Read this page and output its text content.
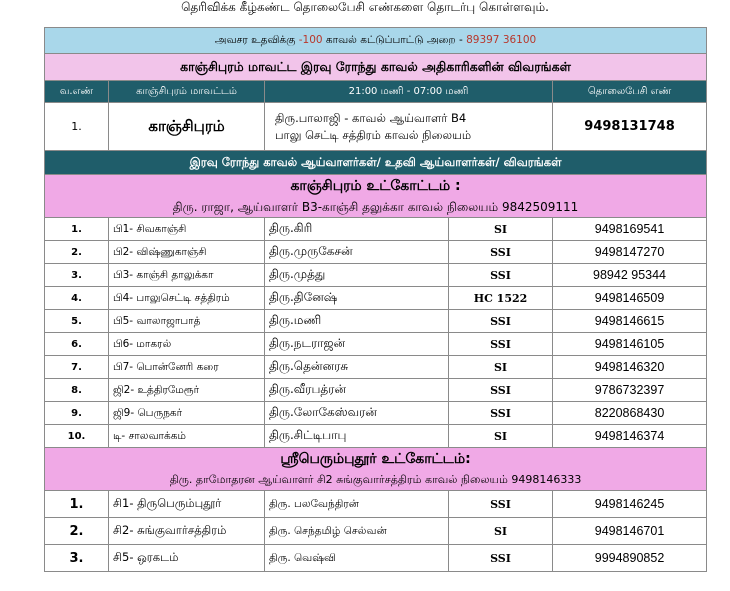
தெரிவிக்க கீழ்கண்ட தொலைபேசி எண்களை தொடர்பு கொள்ளவும்.
அவசர உதவிக்கு -100 காவல் கட்டுப்பாட்டு அறை - 89397 36100				
காஞ்சிபுரம் மாவட்ட இரவு ரோந்து காவல் அதிகாரிகளின் விவரங்கள்				
வ.எண்	காஞ்சிபுரம் மாவட்டம்	21:00 மணி - 07:00 மணி		தொலைபேசி எண்
1.	காஞ்சிபுரம்	திரு.பாலாஜி - காவல் ஆய்வாளர் B4
பாலு செட்டி சத்திரம் காவல் நிலையம்		9498131748
இரவு ரோந்து காவல் ஆய்வாளர்கள்/ உதவி ஆய்வாளர்கள்/ விவரங்கள்				

காஞ்சிபுரம் உட்கோட்டம் :
திரு. ராஜா, ஆய்வாளர் B3-காஞ்சி தலுக்கா காவல் நிலையம் 9842509111				

1.	பி1- சிவகாஞ்சி	திரு.கிரி	SI	9498169541
2.	பி2- விஷ்ணுகாஞ்சி	திரு.முருகேசன்	SSI	9498147270
3.	பி3- காஞ்சி தாலுக்கா	திரு.முத்து	SSI	98942 95344
4.	பி4- பாலுசெட்டி சத்திரம்	திரு.தினேஷ்	HC 1522	9498146509
5.	பி5- வாலாஜாபாத்	திரு.மணி	SSI	9498146615
6.	பி6- மாகரல்	திரு.நடராஜன்	SSI	9498146105
7.	பி7- பொன்னேரி கரை	திரு.தென்னரசு	SI	9498146320
8.	ஜி2- உத்திரமேரூர்	திரு.வீரபத்ரன்	SSI	9786732397
9.	ஜி9- பெருநகர்	திரு.லோகேஸ்வரன்	SSI	8220868430
10.	டி- சாலவாக்கம்	திரு.சிட்டிபாபு	SI	9498146374

ஸ்ரீபெரும்புதூர் உட்கோட்டம்:
திரு. தாமோதரன ஆய்வாளர் சி2 சுங்குவார்சத்திரம் காவல் நிலையம் 9498146333				

1.	சி1- திருபெரும்புதூர்	திரு. பலவேந்திரன்	SSI	9498146245
2.	சி2- சுங்குவார்சத்திரம்	திரு. செந்தமிழ் செல்வன்	SI	9498146701
3.	சி5- ஒரகடம்	திரு. வெஷ்வி	SSI	9994890852
